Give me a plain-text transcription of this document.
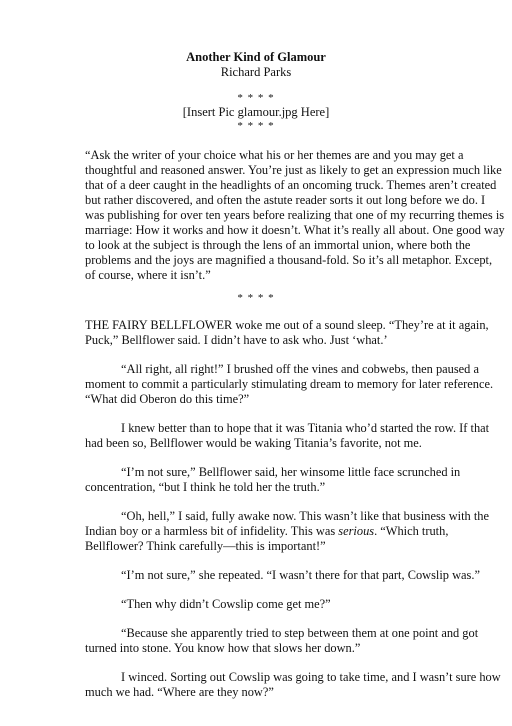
Another Kind of Glamour
Richard Parks
* * * *
[Insert Pic glamour.jpg Here]
* * * *
“Ask the writer of your choice what his or her themes are and you may get a
thoughtful and reasoned answer. You’re just as likely to get an expression much like
that of a deer caught in the headlights of an oncoming truck. Themes aren’t created
but rather discovered, and often the astute reader sorts it out long before we do. I
was publishing for over ten years before realizing that one of my recurring themes is
marriage: How it works and how it doesn’t. What it’s really all about. One good way
to look at the subject is through the lens of an immortal union, where both the
problems and the joys are magnified a thousand-fold. So it’s all metaphor. Except,
of course, where it isn’t.”
* * * *
THE FAIRY BELLFLOWER woke me out of a sound sleep. “They’re at it again,
Puck,” Bellflower said. I didn’t have to ask who. Just ‘what.’
“All right, all right!” I brushed off the vines and cobwebs, then paused a
moment to commit a particularly stimulating dream to memory for later reference.
“What did Oberon do this time?”
I knew better than to hope that it was Titania who’d started the row. If that
had been so, Bellflower would be waking Titania’s favorite, not me.
“I’m not sure,” Bellflower said, her winsome little face scrunched in
concentration, “but I think he told her the truth.”
“Oh, hell,” I said, fully awake now. This wasn’t like that business with the
Indian boy or a harmless bit of infidelity. This was serious. “Which truth,
Bellflower? Think carefully—this is important!”
“I’m not sure,” she repeated. “I wasn’t there for that part, Cowslip was.”
“Then why didn’t Cowslip come get me?”
“Because she apparently tried to step between them at one point and got
turned into stone. You know how that slows her down.”
I winced. Sorting out Cowslip was going to take time, and I wasn’t sure how
much we had. “Where are they now?”
